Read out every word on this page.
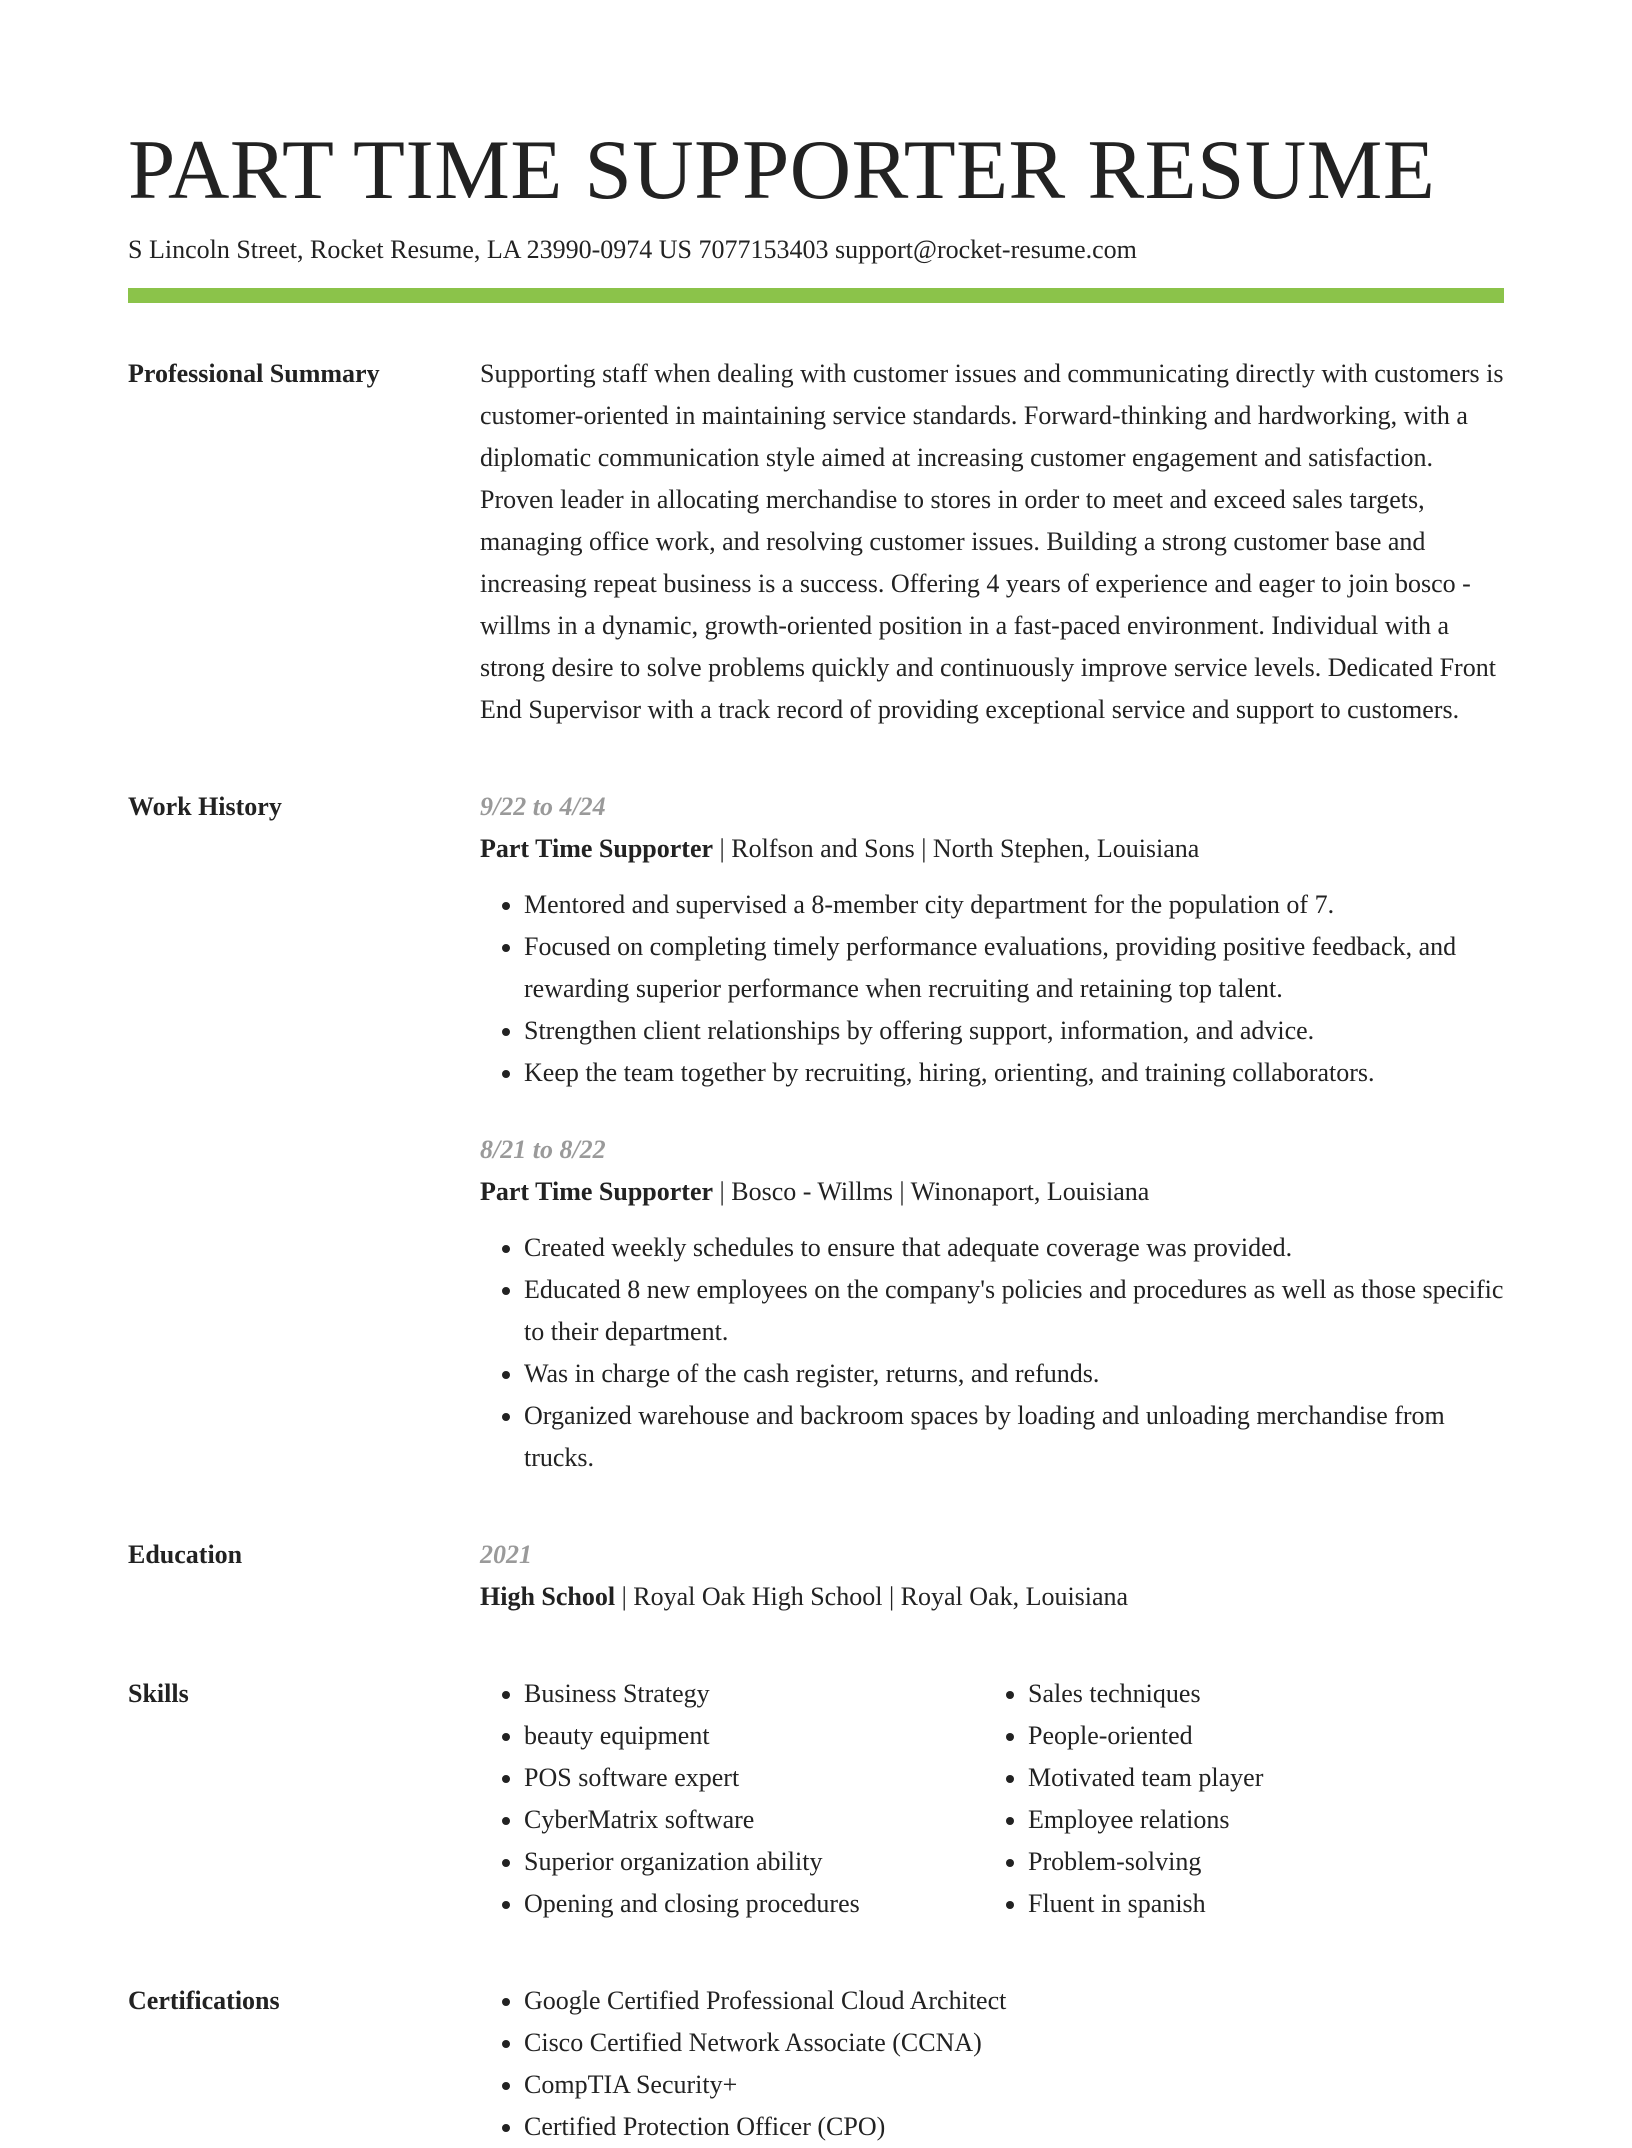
PART TIME SUPPORTER RESUME
S Lincoln Street, Rocket Resume, LA 23990-0974 US 7077153403 support@rocket-resume.com
Professional Summary	Supporting staff when dealing with customer issues and communicating directly with customers is customer-oriented in maintaining service standards. Forward-thinking and hardworking, with a diplomatic communication style aimed at increasing customer engagement and satisfaction. Proven leader in allocating merchandise to stores in order to meet and exceed sales targets, managing office work, and resolving customer issues. Building a strong customer base and increasing repeat business is a success. Offering 4 years of experience and eager to join bosco - willms in a dynamic, growth-oriented position in a fast-paced environment. Individual with a strong desire to solve problems quickly and continuously improve service levels. Dedicated Front End Supervisor with a track record of providing exceptional service and support to customers.

Work History	9/22 to 4/24
Part Time Supporter | Rolfson and Sons | North Stephen, Louisiana
• Mentored and supervised a 8-member city department for the population of 7.
• Focused on completing timely performance evaluations, providing positive feedback, and rewarding superior performance when recruiting and retaining top talent.
• Strengthen client relationships by offering support, information, and advice.
• Keep the team together by recruiting, hiring, orienting, and training collaborators.
8/21 to 8/22
Part Time Supporter | Bosco - Willms | Winonaport, Louisiana
• Created weekly schedules to ensure that adequate coverage was provided.
• Educated 8 new employees on the company's policies and procedures as well as those specific to their department.
• Was in charge of the cash register, returns, and refunds.
• Organized warehouse and backroom spaces by loading and unloading merchandise from trucks.
Education	2021
High School | Royal Oak High School | Royal Oak, Louisiana
Skills	• Business Strategy
• beauty equipment
• POS software expert
• CyberMatrix software
• Superior organization ability
• Opening and closing procedures
• Sales techniques
• People-oriented
• Motivated team player
• Employee relations
• Problem-solving
• Fluent in spanish
Certifications	• Google Certified Professional Cloud Architect
• Cisco Certified Network Associate (CCNA)
• CompTIA Security+
• Certified Protection Officer (CPO)
